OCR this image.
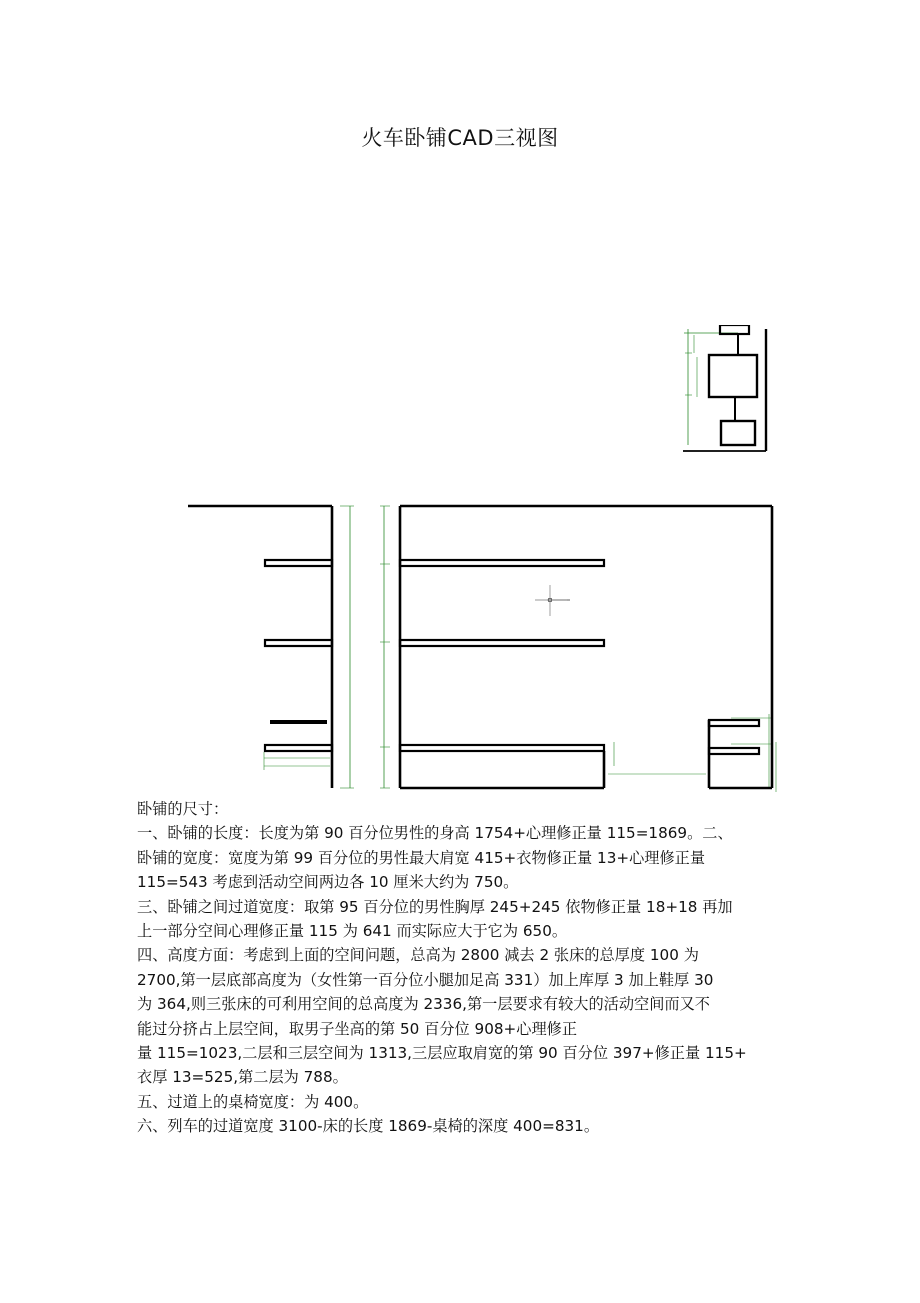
火车卧铺CAD三视图

卧铺的尺寸：

一、卧铺的长度：长度为第 90 百分位男性的身高 1754+心理修正量 115=1869。二、

卧铺的宽度：宽度为第 99 百分位的男性最大肩宽 415+衣物修正量 13+心理修正量

115=543 考虑到活动空间两边各 10 厘米大约为 750。

三、卧铺之间过道宽度：取第 95 百分位的男性胸厚 245+245 依物修正量 18+18 再加

上一部分空间心理修正量 115 为 641 而实际应大于它为 650。

四、高度方面：考虑到上面的空间问题，总高为 2800 减去 2 张床的总厚度 100 为

2700,第一层底部高度为（女性第一百分位小腿加足高 331）加上库厚 3 加上鞋厚 30

为 364,则三张床的可利用空间的总高度为 2336,第一层要求有较大的活动空间而又不

能过分挤占上层空间，取男子坐高的第 50 百分位 908+心理修正

量 115=1023,二层和三层空间为 1313,三层应取肩宽的第 90 百分位 397+修正量 115+

衣厚 13=525,第二层为 788。

五、过道上的桌椅宽度：为 400。

六、列车的过道宽度 3100-床的长度 1869-桌椅的深度 400=831。
